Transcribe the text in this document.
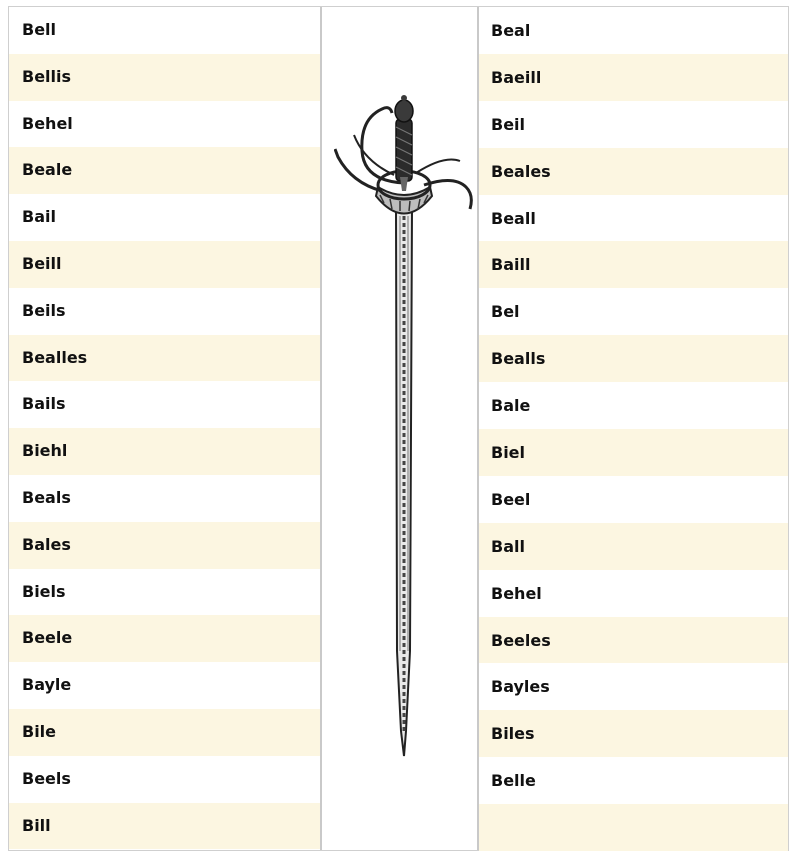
Bell
Bellis
Behel
Beale
Bail
Beill
Beils
Bealles
Bails
Biehl
Beals
Bales
Biels
Beele
Bayle
Bile
Beels
Bill
Beal
Baeill
Beil
Beales
Beall
Baill
Bel
Bealls
Bale
Biel
Beel
Ball
Behel
Beeles
Bayles
Biles
Belle
